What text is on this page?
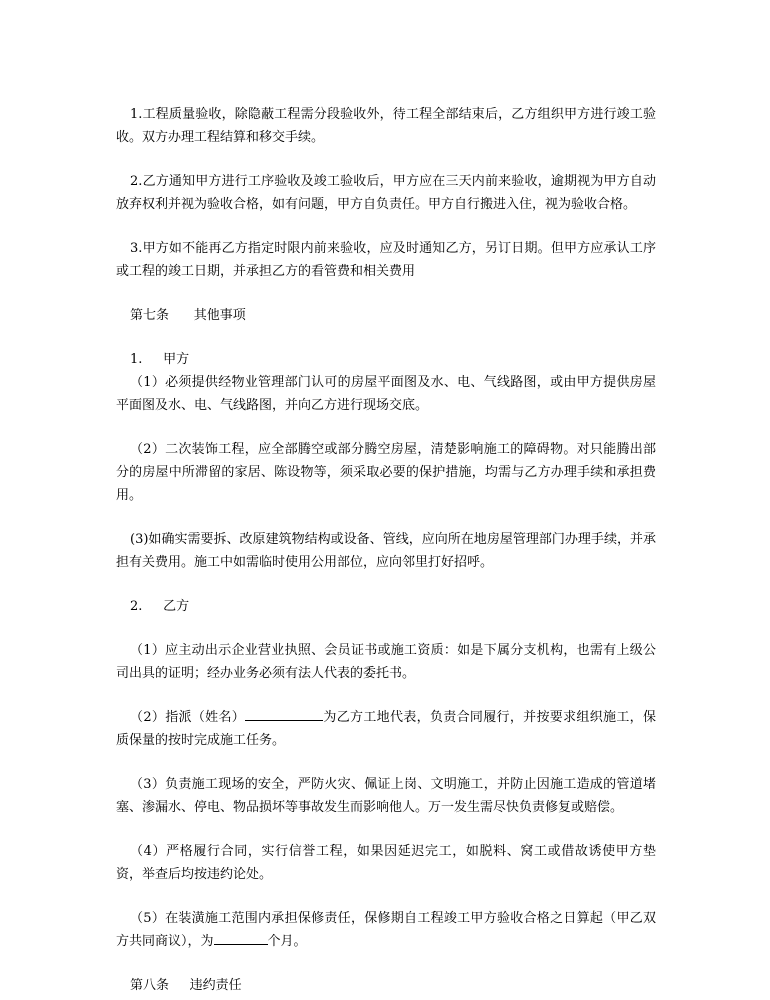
1.工程质量验收，除隐蔽工程需分段验收外，待工程全部结束后，乙方组织甲方进行竣工验收。双方办理工程结算和移交手续。

2.乙方通知甲方进行工序验收及竣工验收后，甲方应在三天内前来验收，逾期视为甲方自动放弃权利并视为验收合格，如有问题，甲方自负责任。甲方自行搬进入住，视为验收合格。

3.甲方如不能再乙方指定时限内前来验收，应及时通知乙方，另订日期。但甲方应承认工序或工程的竣工日期，并承担乙方的看管费和相关费用

第七条      其他事项

1.     甲方

（1）必须提供经物业管理部门认可的房屋平面图及水、电、气线路图，或由甲方提供房屋平面图及水、电、气线路图，并向乙方进行现场交底。

（2）二次装饰工程，应全部腾空或部分腾空房屋，清楚影响施工的障碍物。对只能腾出部分的房屋中所滞留的家居、陈设物等，须采取必要的保护措施，均需与乙方办理手续和承担费用。

(3)如确实需要拆、改原建筑物结构或设备、管线，应向所在地房屋管理部门办理手续，并承担有关费用。施工中如需临时使用公用部位，应向邻里打好招呼。

2.     乙方

（1）应主动出示企业营业执照、会员证书或施工资质：如是下属分支机构，也需有上级公司出具的证明；经办业务必须有法人代表的委托书。

（2）指派（姓名）	为乙方工地代表，负责合同履行，并按要求组织施工，保质保量的按时完成施工任务。

（3）负责施工现场的安全，严防火灾、佩证上岗、文明施工，并防止因施工造成的管道堵塞、渗漏水、停电、物品损坏等事故发生而影响他人。万一发生需尽快负责修复或赔偿。

（4）严格履行合同，实行信誉工程，如果因延迟完工，如脱料、窝工或借故诱使甲方垫资，举查后均按违约论处。

（5）在装潢施工范围内承担保修责任，保修期自工程竣工甲方验收合格之日算起（甲乙双方共同商议），为	个月。

第八条     违约责任
